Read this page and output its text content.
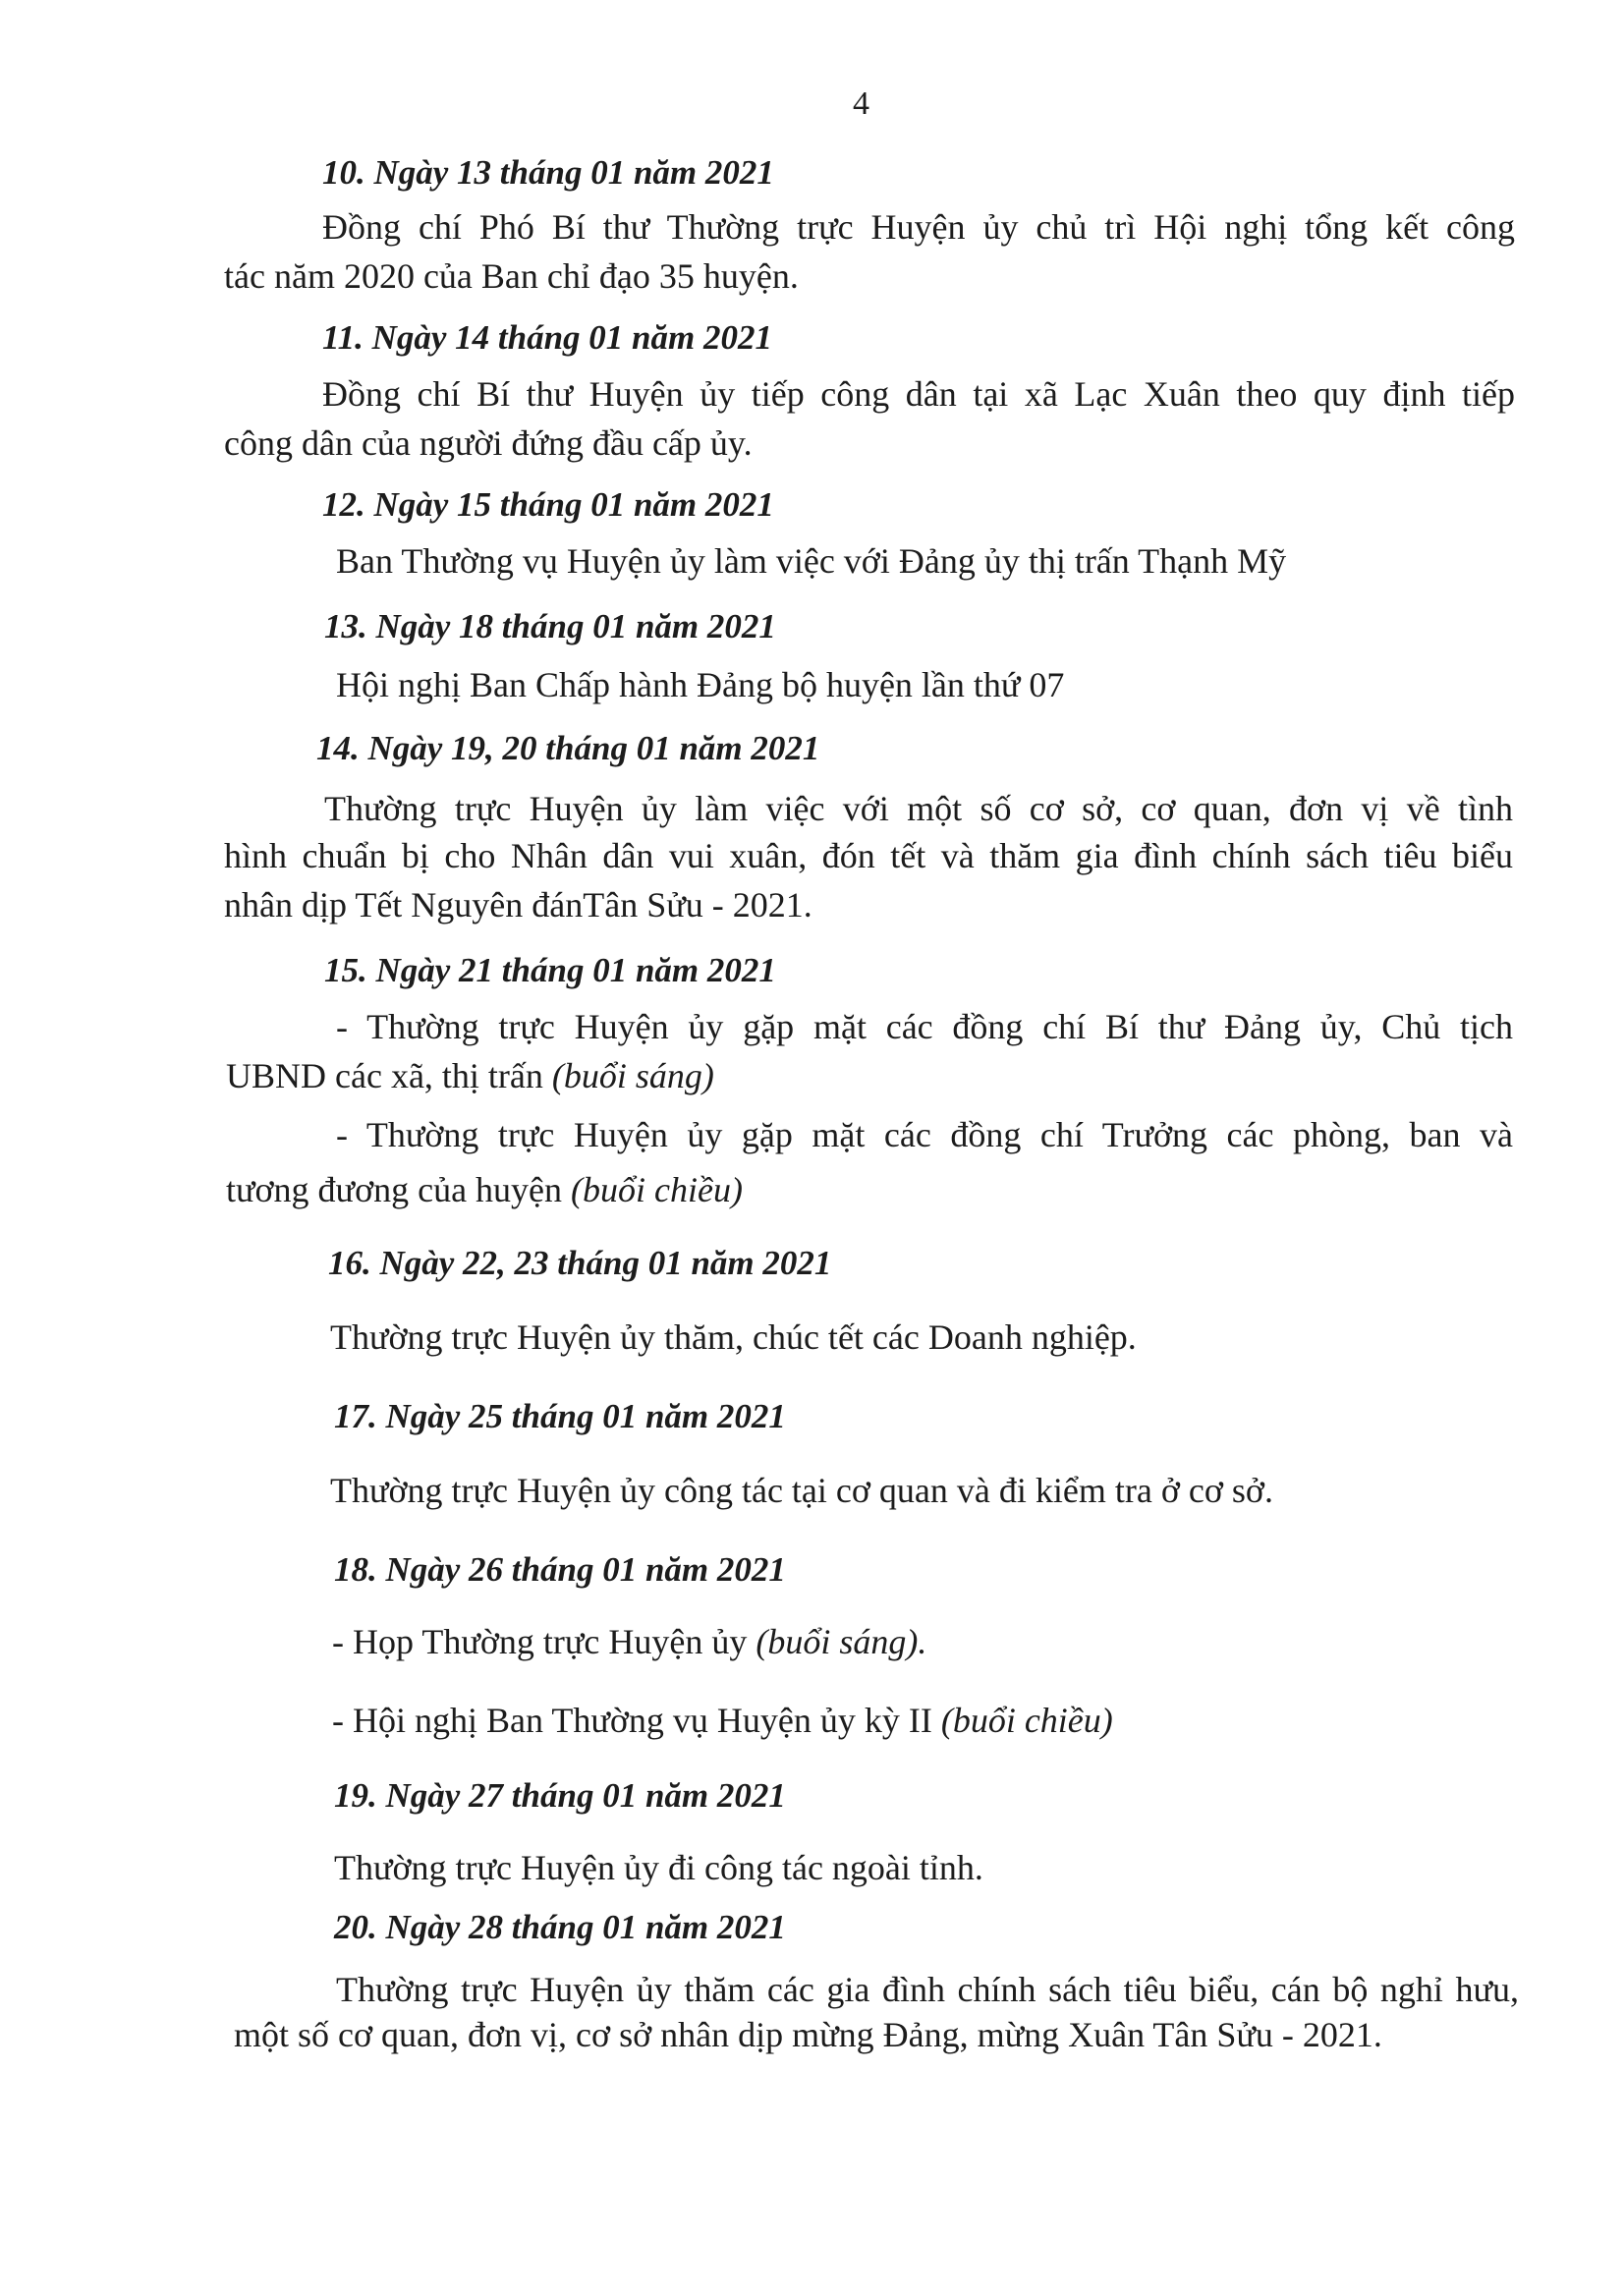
4
10. Ngày 13 tháng 01 năm 2021
Đồng chí Phó Bí thư Thường trực Huyện ủy chủ trì Hội nghị tổng kết công
tác năm 2020 của Ban chỉ đạo 35 huyện.
11. Ngày 14 tháng 01 năm 2021
Đồng chí Bí thư Huyện ủy tiếp công dân tại xã Lạc Xuân theo quy định tiếp
công dân của người đứng đầu cấp ủy.
12. Ngày 15 tháng 01 năm 2021
Ban Thường vụ Huyện ủy làm việc với Đảng ủy thị trấn Thạnh Mỹ
13. Ngày 18 tháng 01 năm 2021
Hội nghị Ban Chấp hành Đảng bộ huyện lần thứ 07
14. Ngày 19, 20 tháng 01 năm 2021
Thường trực Huyện ủy làm việc với một số cơ sở, cơ quan, đơn vị về tình
hình chuẩn bị cho Nhân dân vui xuân, đón tết và thăm gia đình chính sách tiêu biểu
nhân dịp Tết Nguyên đánTân Sửu - 2021.
15. Ngày 21 tháng 01 năm 2021
- Thường trực Huyện ủy gặp mặt các đồng chí Bí thư Đảng ủy, Chủ tịch
UBND các xã, thị trấn (buổi sáng)
- Thường trực Huyện ủy gặp mặt các đồng chí Trưởng các phòng, ban và
tương đương của huyện (buổi chiều)
16. Ngày 22, 23 tháng 01 năm 2021
Thường trực Huyện ủy thăm, chúc tết các Doanh nghiệp.
17. Ngày 25 tháng 01 năm 2021
Thường trực Huyện ủy công tác tại cơ quan và đi kiểm tra ở cơ sở.
18. Ngày 26 tháng 01 năm 2021
- Họp Thường trực Huyện ủy (buổi sáng).
- Hội nghị Ban Thường vụ Huyện ủy kỳ II (buổi chiều)
19. Ngày 27 tháng 01 năm 2021
Thường trực Huyện ủy đi công tác ngoài tỉnh.
20. Ngày 28 tháng 01 năm 2021
Thường trực Huyện ủy thăm các gia đình chính sách tiêu biểu, cán bộ nghỉ hưu,
một số cơ quan, đơn vị, cơ sở nhân dịp mừng Đảng, mừng Xuân Tân Sửu - 2021.
